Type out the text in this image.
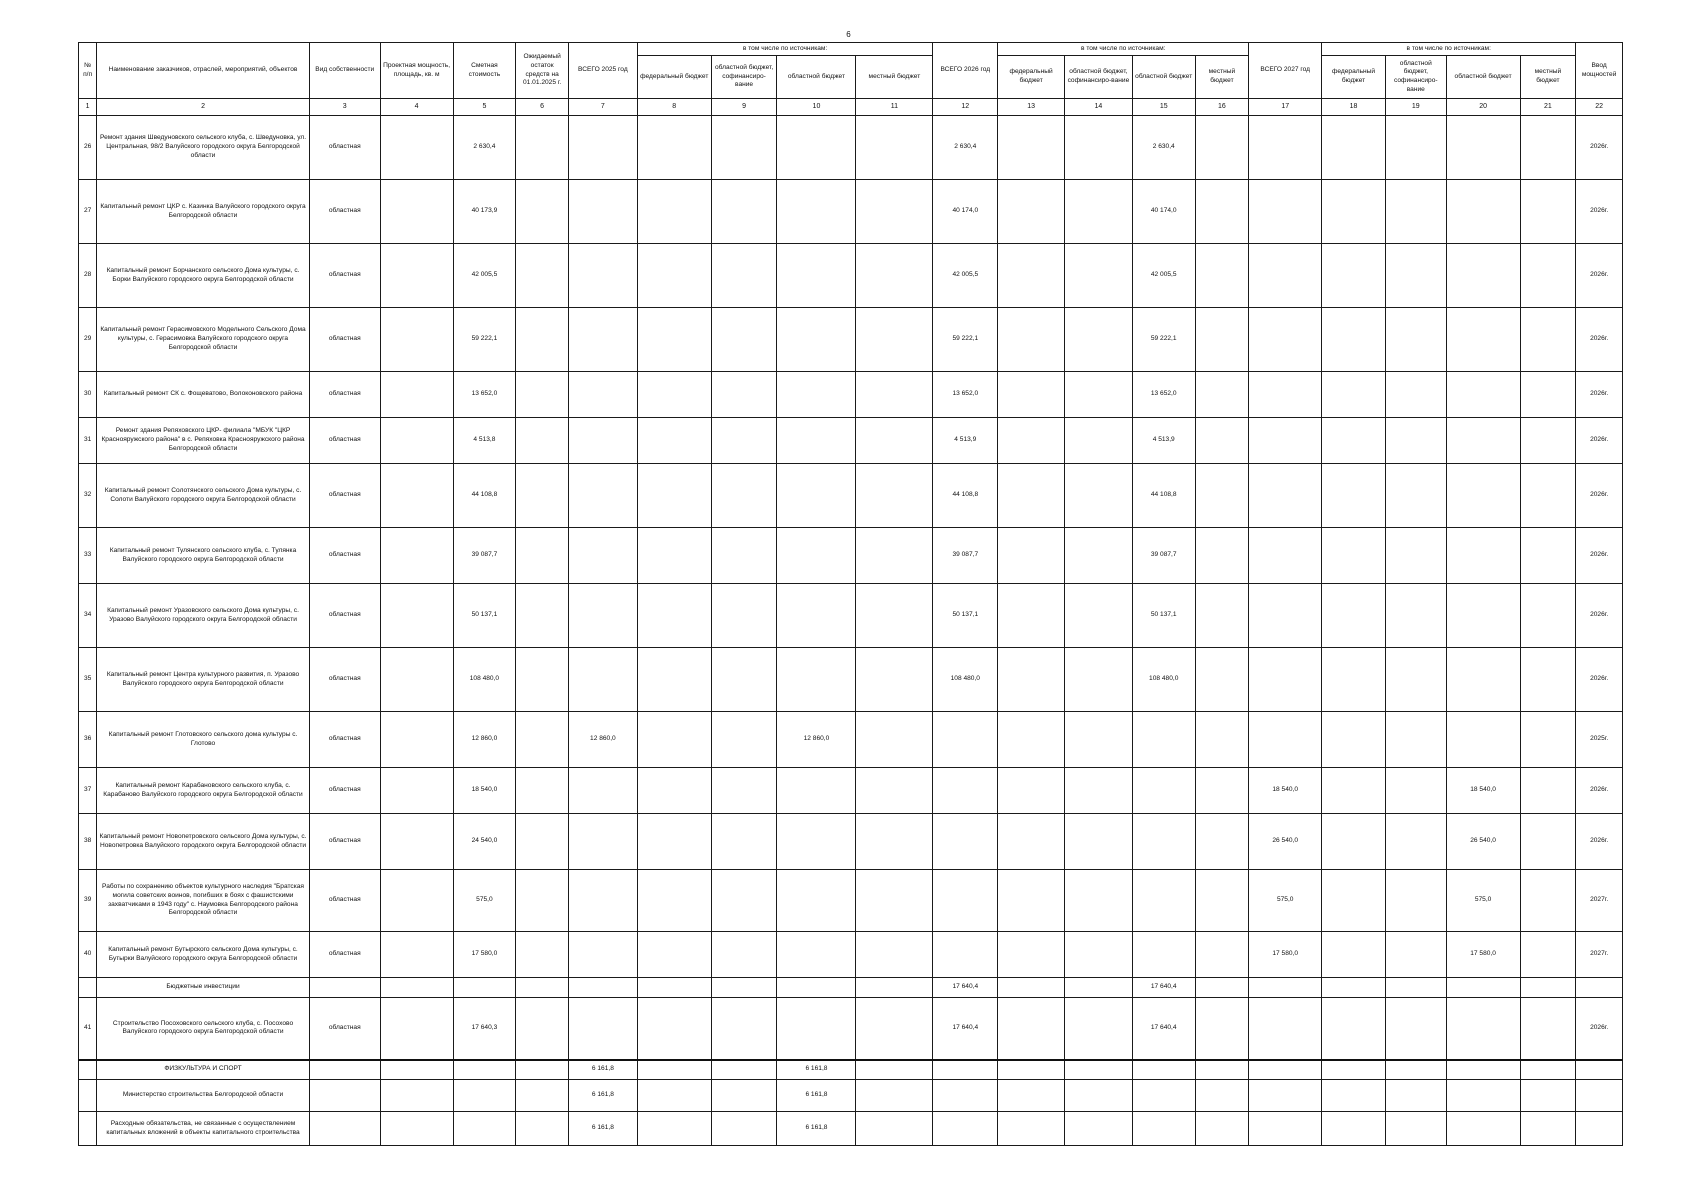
6
№ п/п	Наименование заказчиков, отраслей, мероприятий, объектов	Вид собственности	Проектная мощность, площадь, кв. м	Сметная стоимость	Ожидаемый остаток средств на 01.01.2025 г.	ВСЕГО 2025 год	в том числе по источникам:				ВСЕГО 2026 год	в том числе по источникам:				ВСЕГО 2027 год	в том числе по источникам:				Ввод мощностей
							федеральный бюджет	областной бюджет, софинансиро-вание	областной бюджет	местный бюджет		федеральный бюджет	областной бюджет, софинансиро-вание	областной бюджет	местный бюджет		федеральный бюджет	областной бюджет, софинансиро-вание	областной бюджет	местный бюджет	
1	2	3	4	5	6	7	8	9	10	11	12	13	14	15	16	17	18	19	20	21	22
26	Ремонт здания Шведуновского сельского клуба, с. Шведуновка, ул. Центральная, 98/2 Валуйского городского округа Белгородской области	областная		2 630,4							2 630,4			2 630,4							2026г.
27	Капитальный ремонт ЦКР с. Казинка Валуйского городского округа Белгородской области	областная		40 173,9							40 174,0			40 174,0							2026г.
28	Капитальный ремонт Борчанского сельского Дома культуры, с. Борки Валуйского городского округа Белгородской области	областная		42 005,5							42 005,5			42 005,5							2026г.
29	Капитальный ремонт Герасимовского Модельного Сельского Дома культуры, с. Герасимовка Валуйского городского округа Белгородской области	областная		59 222,1							59 222,1			59 222,1							2026г.
30	Капитальный ремонт СК с. Фощеватово, Волоконовского района	областная		13 652,0							13 652,0			13 652,0							2026г.
31	Ремонт здания Репяховского ЦКР- филиала "МБУК "ЦКР Краснояружского района" в с. Репяховка Краснояружского района Белгородской области	областная		4 513,8							4 513,9			4 513,9							2026г.
32	Капитальный ремонт Солотянского сельского Дома культуры, с. Солоти Валуйского городского округа Белгородской области	областная		44 108,8							44 108,8			44 108,8							2026г.
33	Капитальный ремонт Тулянского сельского клуба, с. Тулянка Валуйского городского округа Белгородской области	областная		39 087,7							39 087,7			39 087,7							2026г.
34	Капитальный ремонт Уразовского сельского Дома культуры, с. Уразово Валуйского городского округа Белгородской области	областная		50 137,1							50 137,1			50 137,1							2026г.
35	Капитальный ремонт Центра культурного развития, п. Уразово Валуйского городского округа Белгородской области	областная		108 480,0							108 480,0			108 480,0							2026г.
36	Капитальный ремонт Глотовского сельского дома культуры с. Глотово	областная		12 860,0		12 860,0			12 860,0												2025г.
37	Капитальный ремонт Карабановского сельского клуба, с. Карабаново Валуйского городского округа Белгородской области	областная		18 540,0												18 540,0			18 540,0		2026г.
38	Капитальный ремонт Новопетровского сельского Дома культуры, с. Новопетровка Валуйского городского округа Белгородской области	областная		24 540,0												26 540,0			26 540,0		2026г.
39	Работы по сохранению объектов культурного наследия "Братская могила советских воинов, погибших в боях с фашистскими захватчиками в 1943 году" с. Наумовка Белгородского района Белгородской области	областная		575,0												575,0			575,0		2027г.
40	Капитальный ремонт Бутырского сельского Дома культуры, с. Бутырки Валуйского городского округа Белгородской области	областная		17 580,0												17 580,0			17 580,0		2027г.
	Бюджетные инвестиции										17 640,4			17 640,4							
41	Строительство Посоховского сельского клуба, с. Посохово Валуйского городского округа Белгородской области	областная		17 640,3							17 640,4			17 640,4							2026г.
	ФИЗКУЛЬТУРА И СПОРТ					6 161,8			6 161,8												
	Министерство строительства Белгородской области					6 161,8			6 161,8												
	Расходные обязательства, не связанные с осуществлением капитальных вложений в объекты капитального строительства					6 161,8			6 161,8												
